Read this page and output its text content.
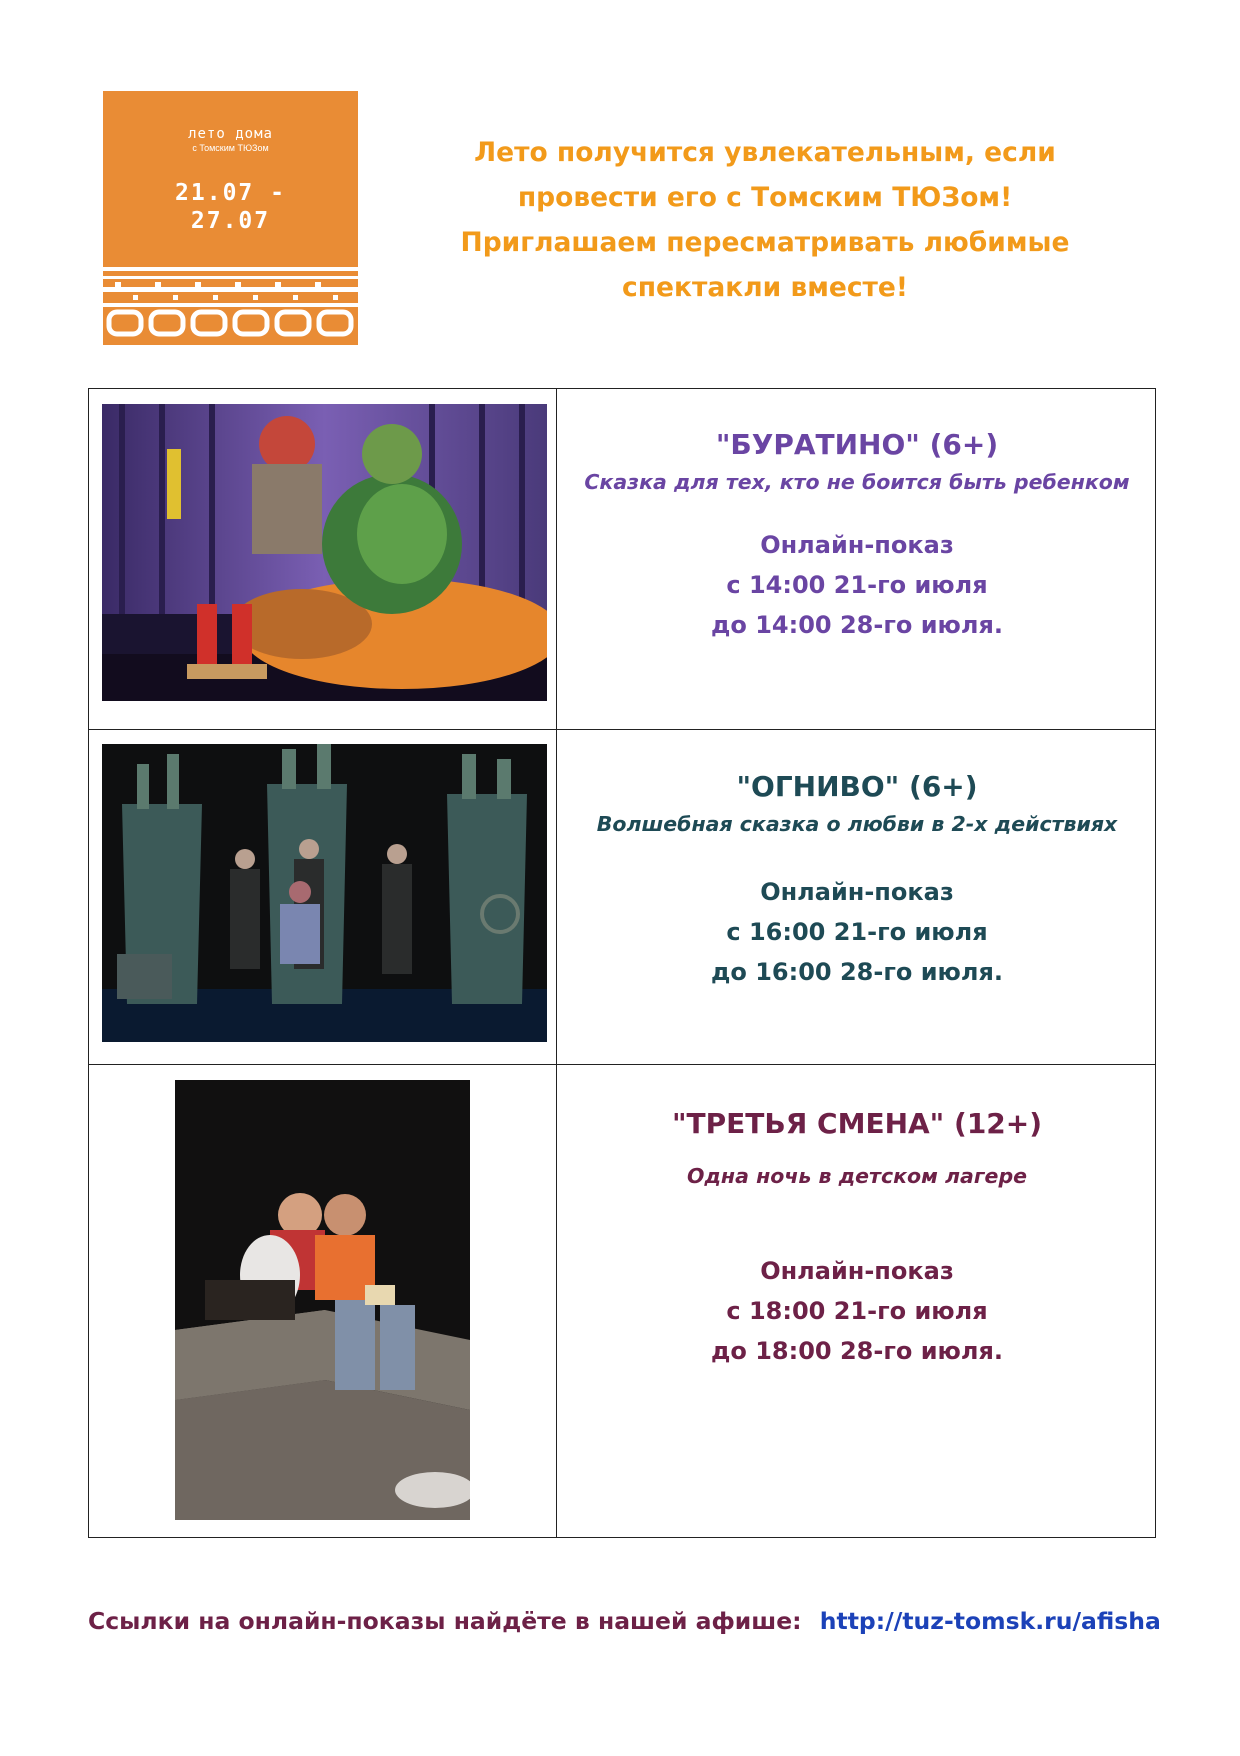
лето дома
с Томским ТЮЗом
21.07 -
27.07
Лето получится увлекательным, если
провести его с Томским ТЮЗом!
Приглашаем пересматривать любимые
спектакли вместе!
"БУРАТИНО" (6+)
Сказка для тех, кто не боится быть ребенком
Онлайн-показ
с 14:00 21-го июля
до 14:00 28-го июля.
"ОГНИВО" (6+)
Волшебная сказка о любви в 2-х действиях
Онлайн-показ
с 16:00 21-го июля
до 16:00 28-го июля.
"ТРЕТЬЯ СМЕНА" (12+)
Одна ночь в детском лагере
Онлайн-показ
с 18:00 21-го июля
до 18:00 28-го июля.
Ссылки на онлайн-показы найдёте в нашей афише: http://tuz-tomsk.ru/afisha
